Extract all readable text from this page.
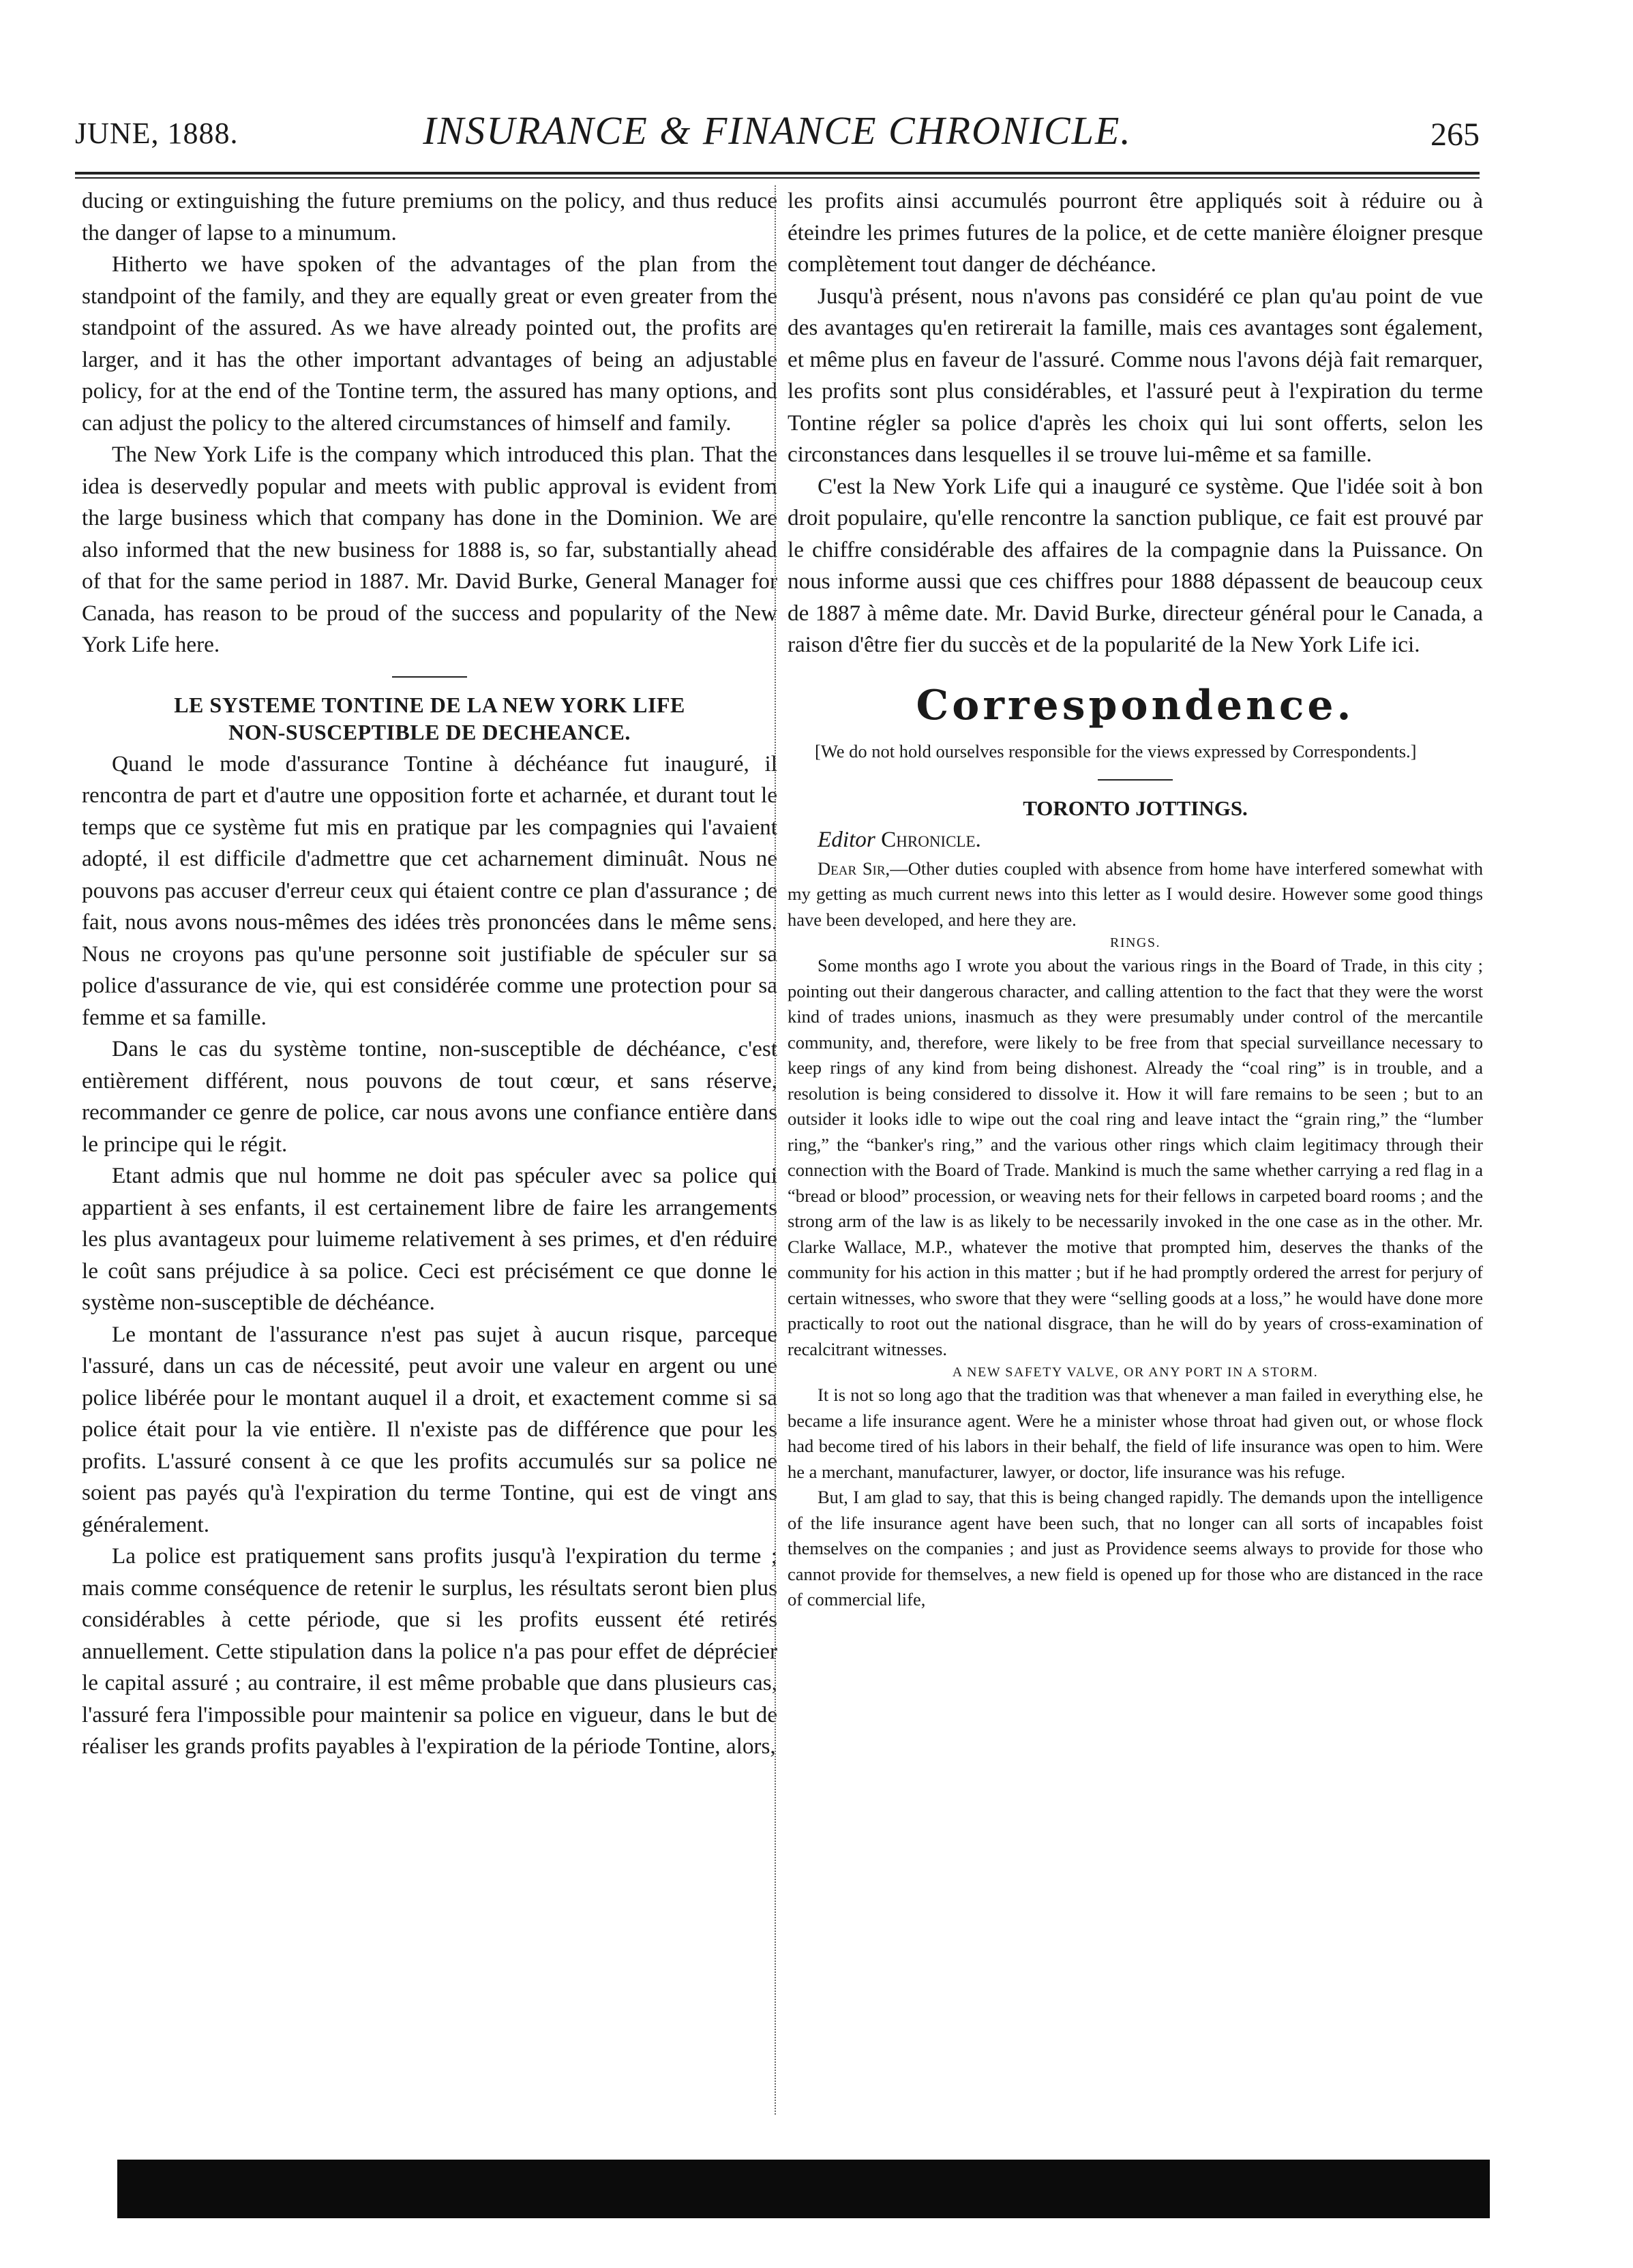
JUNE, 1888.	INSURANCE & FINANCE CHRONICLE.	265

ducing or extinguishing the future premiums on the policy, and thus reduce the danger of lapse to a minumum.

Hitherto we have spoken of the advantages of the plan from the standpoint of the family, and they are equally great or even greater from the standpoint of the assured. As we have already pointed out, the profits are larger, and it has the other important advantages of being an adjustable policy, for at the end of the Tontine term, the assured has many options, and can adjust the policy to the altered circumstances of himself and family.

The New York Life is the company which introduced this plan. That the idea is deservedly popular and meets with public approval is evident from the large business which that company has done in the Dominion. We are also informed that the new business for 1888 is, so far, substantially ahead of that for the same period in 1887. Mr. David Burke, General Manager for Canada, has reason to be proud of the success and popularity of the New York Life here.

LE SYSTEME TONTINE DE LA NEW YORK LIFE
NON-SUSCEPTIBLE DE DECHEANCE.

Quand le mode d'assurance Tontine à déchéance fut inauguré, il rencontra de part et d'autre une opposition forte et acharnée, et durant tout le temps que ce système fut mis en pratique par les compagnies qui l'avaient adopté, il est difficile d'admettre que cet acharnement diminuât. Nous ne pouvons pas accuser d'erreur ceux qui étaient contre ce plan d'assurance ; de fait, nous avons nous-mêmes des idées très prononcées dans le même sens. Nous ne croyons pas qu'une personne soit justifiable de spéculer sur sa police d'assurance de vie, qui est considérée comme une protection pour sa femme et sa famille.

Dans le cas du système tontine, non-susceptible de déchéance, c'est entièrement différent, nous pouvons de tout cœur, et sans réserve, recommander ce genre de police, car nous avons une confiance entière dans le principe qui le régit.

Etant admis que nul homme ne doit pas spéculer avec sa police qui appartient à ses enfants, il est certainement libre de faire les arrangements les plus avantageux pour luimeme relativement à ses primes, et d'en réduire le coût sans préjudice à sa police. Ceci est précisément ce que donne le système non-susceptible de déchéance.

Le montant de l'assurance n'est pas sujet à aucun risque, parceque l'assuré, dans un cas de nécessité, peut avoir une valeur en argent ou une police libérée pour le montant auquel il a droit, et exactement comme si sa police était pour la vie entière. Il n'existe pas de différence que pour les profits. L'assuré consent à ce que les profits accumulés sur sa police ne soient pas payés qu'à l'expiration du terme Tontine, qui est de vingt ans généralement.

La police est pratiquement sans profits jusqu'à l'expiration du terme ; mais comme conséquence de retenir le surplus, les résultats seront bien plus considérables à cette période, que si les profits eussent été retirés annuellement. Cette stipulation dans la police n'a pas pour effet de déprécier le capital assuré ; au contraire, il est même probable que dans plusieurs cas, l'assuré fera l'impossible pour maintenir sa police en vigueur, dans le but de réaliser les grands profits payables à l'expiration de la période Tontine, alors,

les profits ainsi accumulés pourront être appliqués soit à réduire ou à éteindre les primes futures de la police, et de cette manière éloigner presque complètement tout danger de déchéance.

Jusqu'à présent, nous n'avons pas considéré ce plan qu'au point de vue des avantages qu'en retirerait la famille, mais ces avantages sont également, et même plus en faveur de l'assuré. Comme nous l'avons déjà fait remarquer, les profits sont plus considérables, et l'assuré peut à l'expiration du terme Tontine régler sa police d'après les choix qui lui sont offerts, selon les circonstances dans lesquelles il se trouve lui-même et sa famille.

C'est la New York Life qui a inauguré ce système. Que l'idée soit à bon droit populaire, qu'elle rencontre la sanction publique, ce fait est prouvé par le chiffre considérable des affaires de la compagnie dans la Puissance. On nous informe aussi que ces chiffres pour 1888 dépassent de beaucoup ceux de 1887 à même date. Mr. David Burke, directeur général pour le Canada, a raison d'être fier du succès et de la popularité de la New York Life ici.

Correspondence.

[We do not hold ourselves responsible for the views expressed by Correspondents.]

TORONTO JOTTINGS.

Editor Chronicle.

Dear Sir,—Other duties coupled with absence from home have interfered somewhat with my getting as much current news into this letter as I would desire. However some good things have been developed, and here they are.

RINGS.

Some months ago I wrote you about the various rings in the Board of Trade, in this city ; pointing out their dangerous character, and calling attention to the fact that they were the worst kind of trades unions, inasmuch as they were presumably under control of the mercantile community, and, therefore, were likely to be free from that special surveillance necessary to keep rings of any kind from being dishonest. Already the “coal ring” is in trouble, and a resolution is being considered to dissolve it. How it will fare remains to be seen ; but to an outsider it looks idle to wipe out the coal ring and leave intact the “grain ring,” the “lumber ring,” the “banker's ring,” and the various other rings which claim legitimacy through their connection with the Board of Trade. Mankind is much the same whether carrying a red flag in a “bread or blood” procession, or weaving nets for their fellows in carpeted board rooms ; and the strong arm of the law is as likely to be necessarily invoked in the one case as in the other. Mr. Clarke Wallace, M.P., whatever the motive that prompted him, deserves the thanks of the community for his action in this matter ; but if he had promptly ordered the arrest for perjury of certain witnesses, who swore that they were “selling goods at a loss,” he would have done more practically to root out the national disgrace, than he will do by years of cross-examination of recalcitrant witnesses.

A NEW SAFETY VALVE, OR ANY PORT IN A STORM.

It is not so long ago that the tradition was that whenever a man failed in everything else, he became a life insurance agent. Were he a minister whose throat had given out, or whose flock had become tired of his labors in their behalf, the field of life insurance was open to him. Were he a merchant, manufacturer, lawyer, or doctor, life insurance was his refuge.

But, I am glad to say, that this is being changed rapidly. The demands upon the intelligence of the life insurance agent have been such, that no longer can all sorts of incapables foist themselves on the companies ; and just as Providence seems always to provide for those who cannot provide for themselves, a new field is opened up for those who are distanced in the race of commercial life,
